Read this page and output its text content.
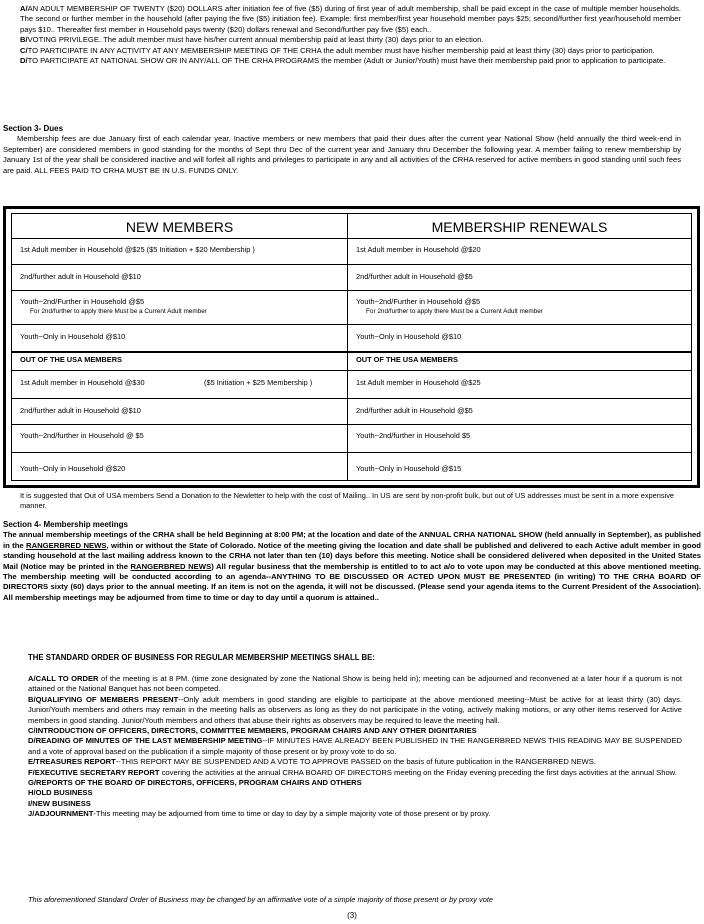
A/AN ADULT MEMBERSHIP OF TWENTY ($20) DOLLARS after initiation fee of five ($5) during of first year of adult membership, shall be paid except in the case of multiple member households. The second or further member in the household (after paying the five ($5) initiation fee). Example: first member/first year household member pays $25; second/further first year/household member pays $10.. Thereafter first member in Household pays twenty ($20) dollars renewal and Second/further pay five ($5) each..

B/VOTING PRIVILEGE..The adult member must have his/her current annual membership paid at least thirty (30) days prior to an election.

C/TO PARTICIPATE IN ANY ACTIVITY AT ANY MEMBERSHIP MEETING OF THE CRHA the adult member must have his/her membership paid at least thirty (30) days prior to participation.

D/TO PARTICIPATE AT NATIONAL SHOW OR IN ANY/ALL OF THE CRHA PROGRAMS the member (Adult or Junior/Youth) must have their membership paid prior to application to participate.

Section 3- Dues

Membership fees are due January first of each calendar year. Inactive members or new members that paid their dues after the current year National Show (held annually the third week-end in September) are considered members in good standing for the months of Sept thru Dec of the current year and January thru December the following year. A member failing to renew membership by January 1st of the year shall be considered inactive and will forfeit all rights and privileges to participate in any and all activities of the CRHA reserved for active members in good standing until such fees are paid. ALL FEES PAID TO CRHA MUST BE IN U.S. FUNDS ONLY.

NEW MEMBERS
1st Adult member in Household @$25 ($5 Initiation + $20 Membership )
2nd/further adult in Household @$10
Youth~2nd/Further in Household @$5
For 2nd/further to apply there Must be a Current Adult member
Youth~Only in Household @$10
OUT OF THE USA MEMBERS
1st Adult member in Household @$30	($5 Initiation + $25 Membership )
2nd/further adult in Household @$10
Youth~2nd/further in Household @ $5
Youth~Only in Household @$20
MEMBERSHIP RENEWALS
1st Adult member in Household @$20
2nd/further adult in Household @$5
Youth~2nd/Further in Household @$5
For 2nd/further to apply there Must be a Current Adult member
Youth~Only in Household @$10
OUT OF THE USA MEMBERS
1st Adult member in Household @$25
2nd/further adult in Household @$5
Youth~2nd/further in Household $5
Youth~Only in Household @$15

It is suggested that Out of USA members Send a Donation to the Newletter to help with the cost of Mailing.. In US are sent by non-profit bulk, but out of US addresses must be sent in a more expensive manner.

Section 4- Membership meetings

The annual membership meetings of the CRHA shall be held Beginning at 8:00 PM; at the location and date of the ANNUAL CRHA NATIONAL SHOW (held annually in September), as published in the RANGERBRED NEWS, within or without the State of Colorado. Notice of the meeting giving the location and date shall be published and delivered to each Active adult member in good standing household at the last mailing address known to the CRHA not later than ten (10) days before this meeting. Notice shall be considered delivered when deposited in the United States Mail (Notice may be printed in the RANGERBRED NEWS) All regular business that the membership is entitled to to act a/o to vote upon may be conducted at this above mentioned meeting. The membership meeting will be conducted according to an agenda--ANYTHING TO BE DISCUSSED OR ACTED UPON MUST BE PRESENTED (in writing) TO THE CRHA BOARD OF DIRECTORS sixty (60) days prior to the annual meeting. If an item is not on the agenda, it will not be discussed. (Please send your agenda items to the Current President of the Association). All membership meetings may be adjourned from time to time or day to day until a quorum is attained..

THE STANDARD ORDER OF BUSINESS FOR REGULAR MEMBERSHIP MEETINGS SHALL BE:

A/CALL TO ORDER of the meeting is at 8 PM. (time zone designated by zone the National Show is being held in); meeting can be adjourned and reconvened at a later hour if a quorum is not attained or the National Banquet has not been competed.

B/QUALIFYING OF MEMBERS PRESENT--Only adult members in good standing are eligible to participate at the above mentioned meeting--Must be active for at least thirty (30) days. Junior/Youth members and others may remain in the meeting halls as observers as long as they do not participate in the voting, actively making motions, or any other items reserved for Active members in good standing. Junior/Youth members and others that abuse their rights as observers may be required to leave the meeting hall.

C/INTRODUCTION OF OFFICERS, DIRECTORS, COMMITTEE MEMBERS, PROGRAM CHAIRS AND ANY OTHER DIGNITARIES

D/READING OF MINUTES OF THE LAST MEMBERSHIP MEETING--IF MINUTES HAVE ALREADY BEEN PUBLISHED IN THE RANGERBRED NEWS THIS READING MAY BE SUSPENDED and a vote of approval based on the publication if a simple majority of those present or by proxy vote to do so.

E/TREASURES REPORT--THIS REPORT MAY BE SUSPENDED AND A VOTE TO APPROVE PASSED on the basis of future publication in the RANGERBRED NEWS.

F/EXECUTIVE SECRETARY REPORT covering the activities at the annual CRHA BOARD OF DIRECTORS meeting on the Friday evening preceding the first days activities at the annual Show.

G/REPORTS OF THE BOARD OF DIRECTORS, OFFICERS, PROGRAM CHAIRS AND OTHERS

H/OLD BUSINESS

I/NEW BUSINESS

J/ADJOURNMENT-This meeting may be adjourned from time to time or day to day by a simple majority vote of those present or by proxy.

This aforementioned Standard Order of Business may be changed by an affirmative vote of a simple majority of those present or by proxy vote

(3)
